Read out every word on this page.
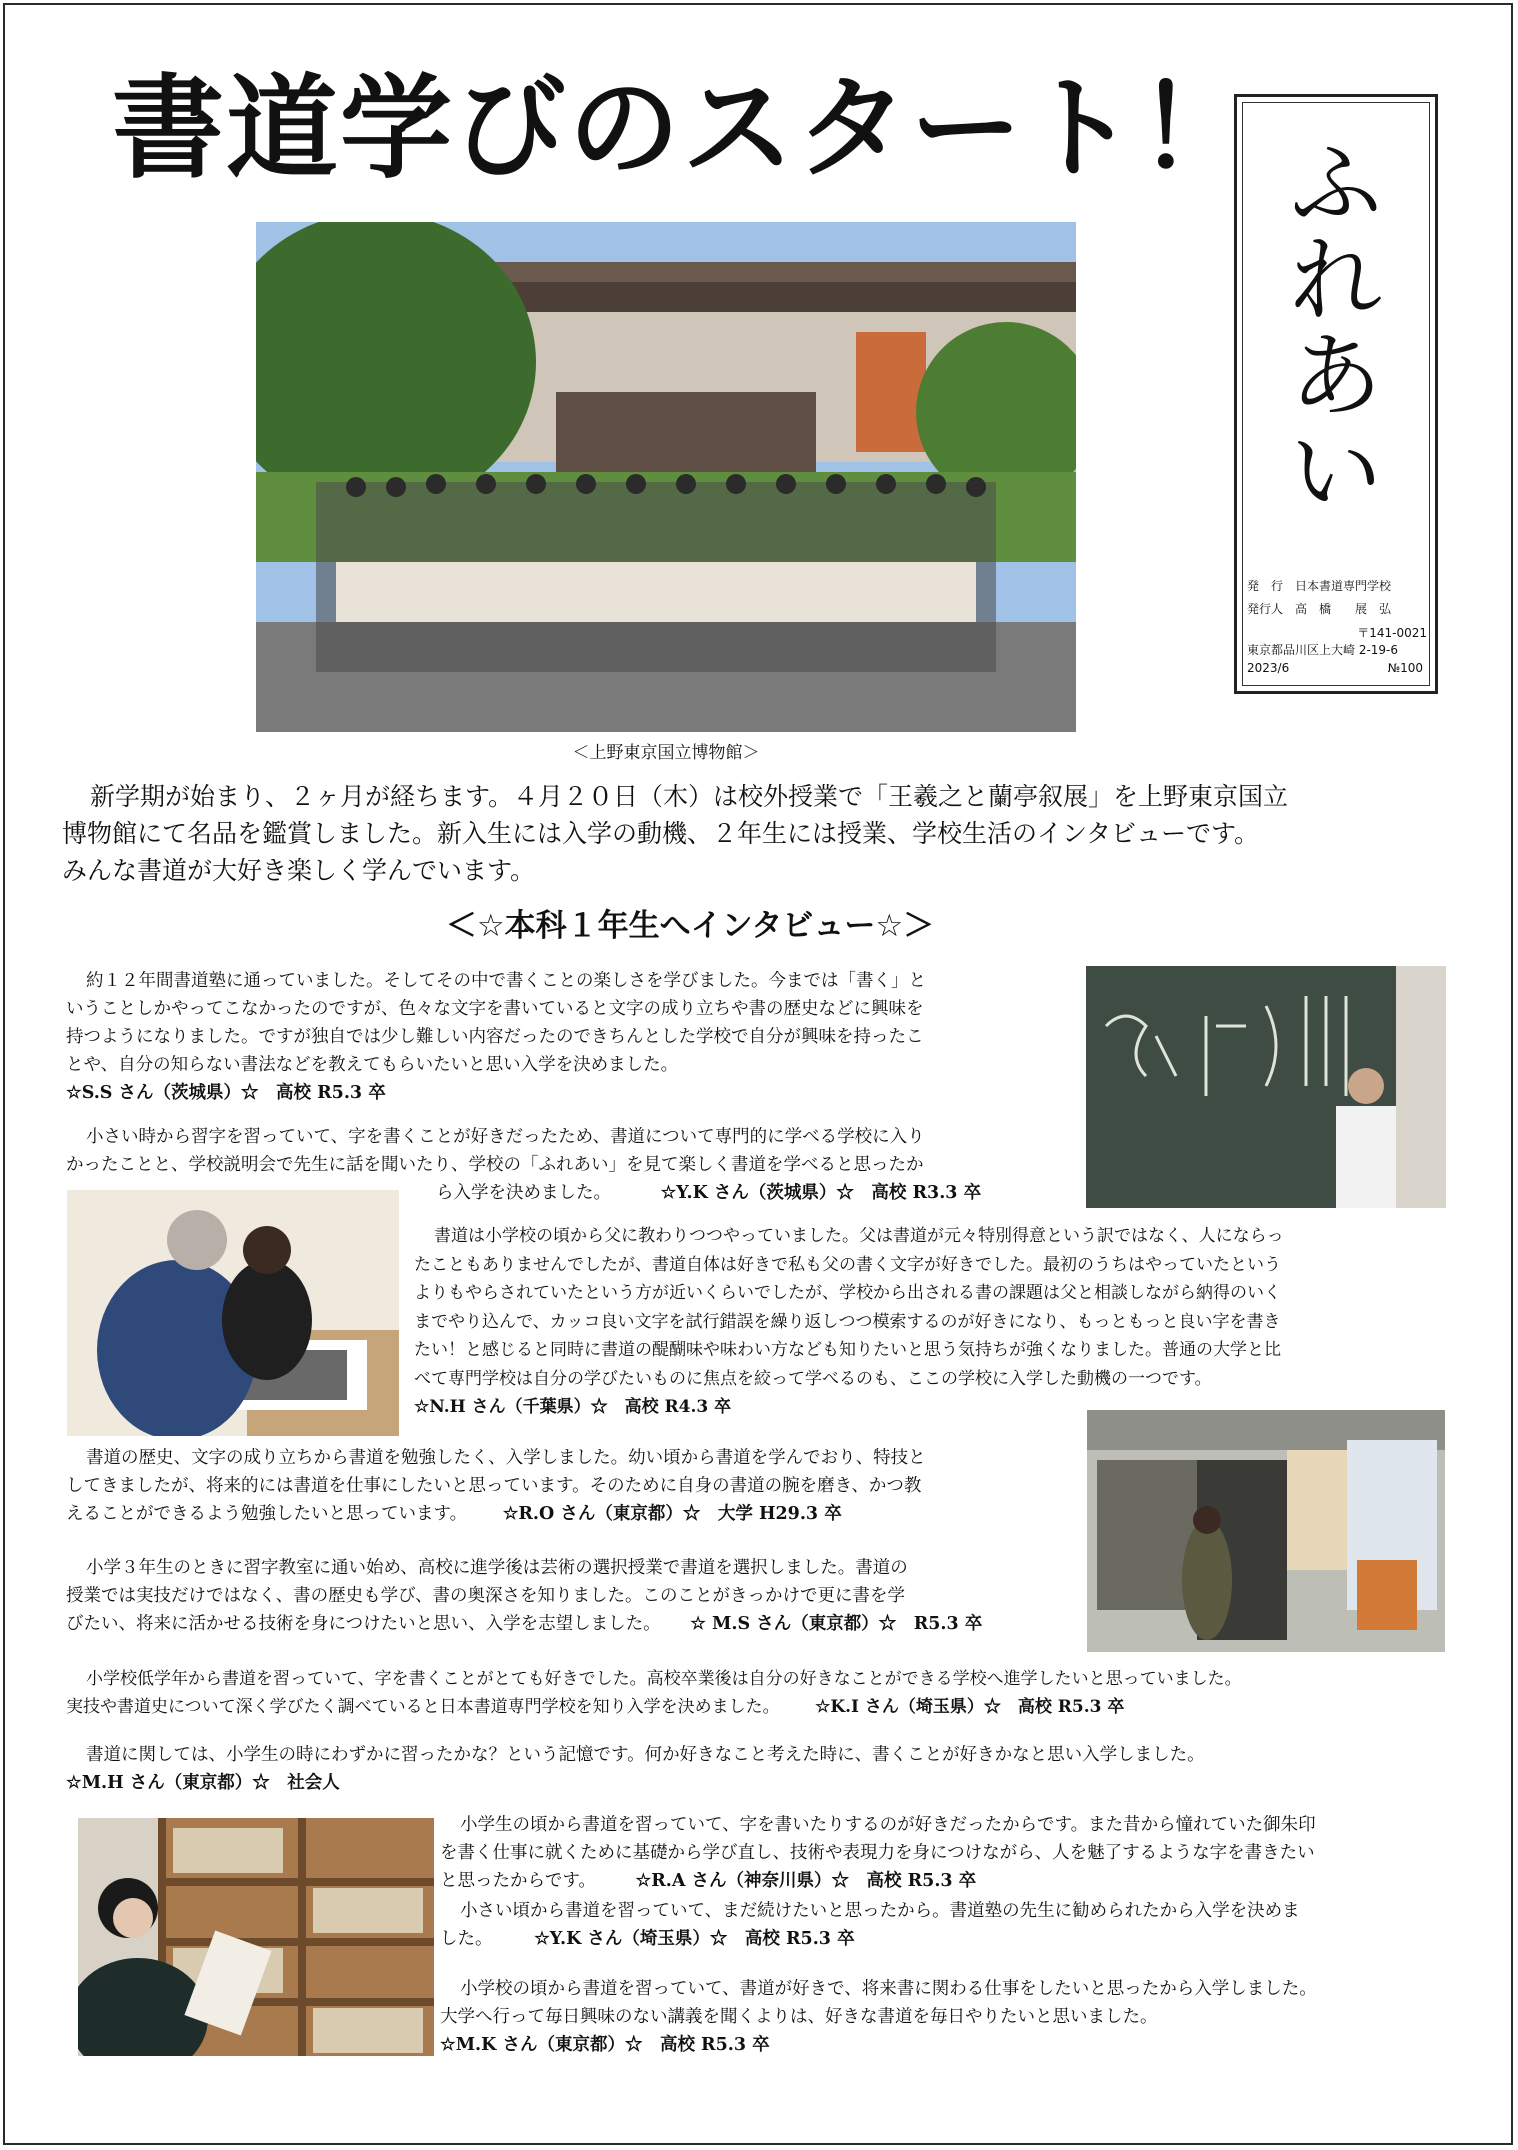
書道学びのスタート！ ふ
れ
あ
い
発　行　日本書道専門学校
発行人　高　橋　　展　弘
〒141-0021
東京都品川区上大崎 2-19-6
2023/6	№100
＜上野東京国立博物館＞
新学期が始まり、２ヶ月が経ちます。４月２０日（木）は校外授業で「王羲之と蘭亭叙展」を上野東京国立
博物館にて名品を鑑賞しました。新入生には入学の動機、２年生には授業、学校生活のインタビューです。
みんな書道が大好き楽しく学んでいます。
＜☆本科１年生へインタビュー☆＞
約１２年間書道塾に通っていました。そしてその中で書くことの楽しさを学びました。今までは「書く」と
いうことしかやってこなかったのですが、色々な文字を書いていると文字の成り立ちや書の歴史などに興味を
持つようになりました。ですが独自では少し難しい内容だったのできちんとした学校で自分が興味を持ったこ
とや、自分の知らない書法などを教えてもらいたいと思い入学を決めました。
☆S.S さん（茨城県）☆　高校 R5.3 卒
小さい時から習字を習っていて、字を書くことが好きだったため、書道について専門的に学べる学校に入り
かったことと、学校説明会で先生に話を聞いたり、学校の「ふれあい」を見て楽しく書道を学べると思ったか
ら入学を決めました。	☆Y.K さん（茨城県）☆　高校 R3.3 卒
書道は小学校の頃から父に教わりつつやっていました。父は書道が元々特別得意という訳ではなく、人にならっ
たこともありませんでしたが、書道自体は好きで私も父の書く文字が好きでした。最初のうちはやっていたという
よりもやらされていたという方が近いくらいでしたが、学校から出される書の課題は父と相談しながら納得のいく
までやり込んで、カッコ良い文字を試行錯誤を繰り返しつつ模索するのが好きになり、もっともっと良い字を書き
たい！と感じると同時に書道の醍醐味や味わい方なども知りたいと思う気持ちが強くなりました。普通の大学と比
べて専門学校は自分の学びたいものに焦点を絞って学べるのも、ここの学校に入学した動機の一つです。
☆N.H さん（千葉県）☆　高校 R4.3 卒
書道の歴史、文字の成り立ちから書道を勉強したく、入学しました。幼い頃から書道を学んでおり、特技と
してきましたが、将来的には書道を仕事にしたいと思っています。そのために自身の書道の腕を磨き、かつ教
えることができるよう勉強したいと思っています。 ☆R.O さん（東京都）☆　大学 H29.3 卒
小学３年生のときに習字教室に通い始め、高校に進学後は芸術の選択授業で書道を選択しました。書道の
授業では実技だけではなく、書の歴史も学び、書の奥深さを知りました。このことがきっかけで更に書を学
びたい、将来に活かせる技術を身につけたいと思い、入学を志望しました。 ☆ M.S さん（東京都）☆　R5.3 卒
小学校低学年から書道を習っていて、字を書くことがとても好きでした。高校卒業後は自分の好きなことができる学校へ進学したいと思っていました。
実技や書道史について深く学びたく調べていると日本書道専門学校を知り入学を決めました。 ☆K.I さん（埼玉県）☆　高校 R5.3 卒
書道に関しては、小学生の時にわずかに習ったかな？という記憶です。何か好きなこと考えた時に、書くことが好きかなと思い入学しました。
☆M.H さん（東京都）☆　社会人
小学生の頃から書道を習っていて、字を書いたりするのが好きだったからです。また昔から憧れていた御朱印
を書く仕事に就くために基礎から学び直し、技術や表現力を身につけながら、人を魅了するような字を書きたい
と思ったからです。 ☆R.A さん（神奈川県）☆　高校 R5.3 卒
小さい頃から書道を習っていて、まだ続けたいと思ったから。書道塾の先生に勧められたから入学を決めま
した。 ☆Y.K さん（埼玉県）☆　高校 R5.3 卒
小学校の頃から書道を習っていて、書道が好きで、将来書に関わる仕事をしたいと思ったから入学しました。
大学へ行って毎日興味のない講義を聞くよりは、好きな書道を毎日やりたいと思いました。
☆M.K さん（東京都）☆　高校 R5.3 卒
